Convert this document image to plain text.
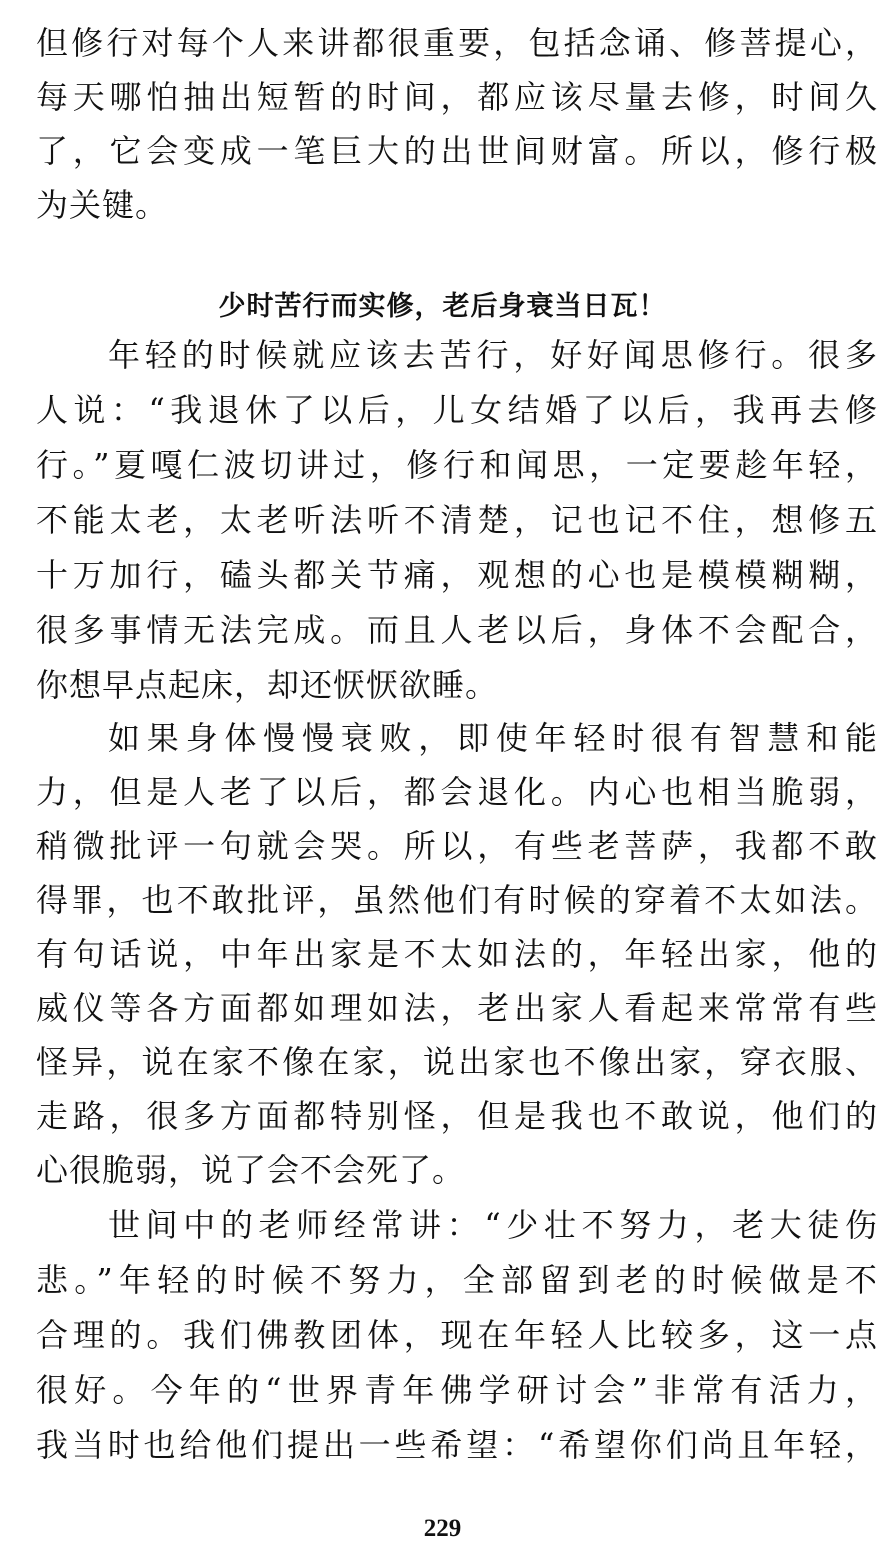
但修行对每个人来讲都很重要，包括念诵、修菩提心，
每天哪怕抽出短暂的时间，都应该尽量去修，时间久
了，它会变成一笔巨大的出世间财富。所以，修行极
为关键。
少时苦行而实修，老后身衰当日瓦！
年轻的时候就应该去苦行，好好闻思修行。很多
人说：“我退休了以后，儿女结婚了以后，我再去修
行。”夏嘎仁波切讲过，修行和闻思，一定要趁年轻，
不能太老，太老听法听不清楚，记也记不住，想修五
十万加行，磕头都关节痛，观想的心也是模模糊糊，
很多事情无法完成。而且人老以后，身体不会配合，
你想早点起床，却还恹恹欲睡。
如果身体慢慢衰败，即使年轻时很有智慧和能
力，但是人老了以后，都会退化。内心也相当脆弱，
稍微批评一句就会哭。所以，有些老菩萨，我都不敢
得罪，也不敢批评，虽然他们有时候的穿着不太如法。
有句话说，中年出家是不太如法的，年轻出家，他的
威仪等各方面都如理如法，老出家人看起来常常有些
怪异，说在家不像在家，说出家也不像出家，穿衣服、
走路，很多方面都特别怪，但是我也不敢说，他们的
心很脆弱，说了会不会死了。
世间中的老师经常讲：“少壮不努力，老大徒伤
悲。”年轻的时候不努力，全部留到老的时候做是不
合理的。我们佛教团体，现在年轻人比较多，这一点
很好。今年的“世界青年佛学研讨会”非常有活力，
我当时也给他们提出一些希望：“希望你们尚且年轻，
229
